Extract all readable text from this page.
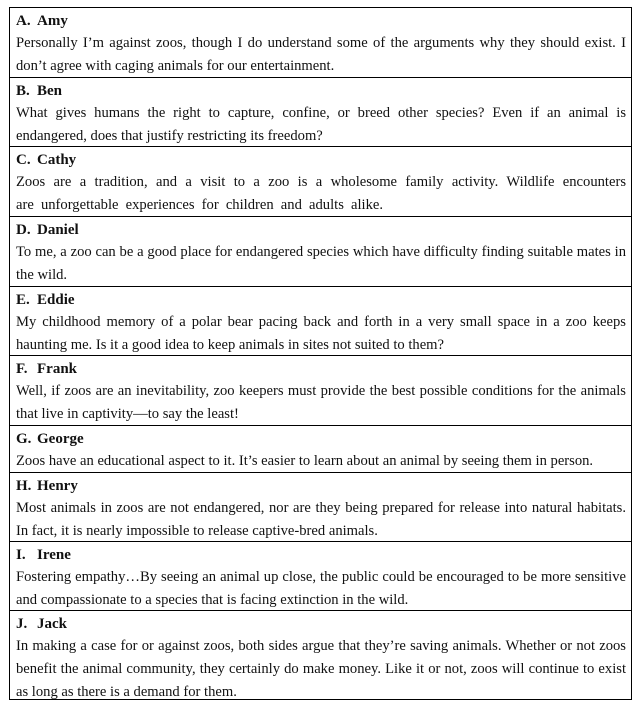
A. Amy

Personally I’m against zoos, though I do understand some of the arguments why they should exist. I don’t agree with caging animals for our entertainment.

B. Ben

What gives humans the right to capture, confine, or breed other species? Even if an animal is endangered, does that justify restricting its freedom?

C. Cathy

Zoos are a tradition, and a visit to a zoo is a wholesome family activity. Wildlife encounters are unforgettable experiences for children and adults alike.

D. Daniel

To me, a zoo can be a good place for endangered species which have difficulty finding suitable mates in the wild.

E. Eddie

My childhood memory of a polar bear pacing back and forth in a very small space in a zoo keeps haunting me. Is it a good idea to keep animals in sites not suited to them?

F. Frank

Well, if zoos are an inevitability, zoo keepers must provide the best possible conditions for the animals that live in captivity—to say the least!

G. George

Zoos have an educational aspect to it. It’s easier to learn about an animal by seeing them in person.

H. Henry

Most animals in zoos are not endangered, nor are they being prepared for release into natural habitats. In fact, it is nearly impossible to release captive-bred animals.

I. Irene

Fostering empathy…By seeing an animal up close, the public could be encouraged to be more sensitive and compassionate to a species that is facing extinction in the wild.

J. Jack

In making a case for or against zoos, both sides argue that they’re saving animals. Whether or not zoos benefit the animal community, they certainly do make money. Like it or not, zoos will continue to exist as long as there is a demand for them.
